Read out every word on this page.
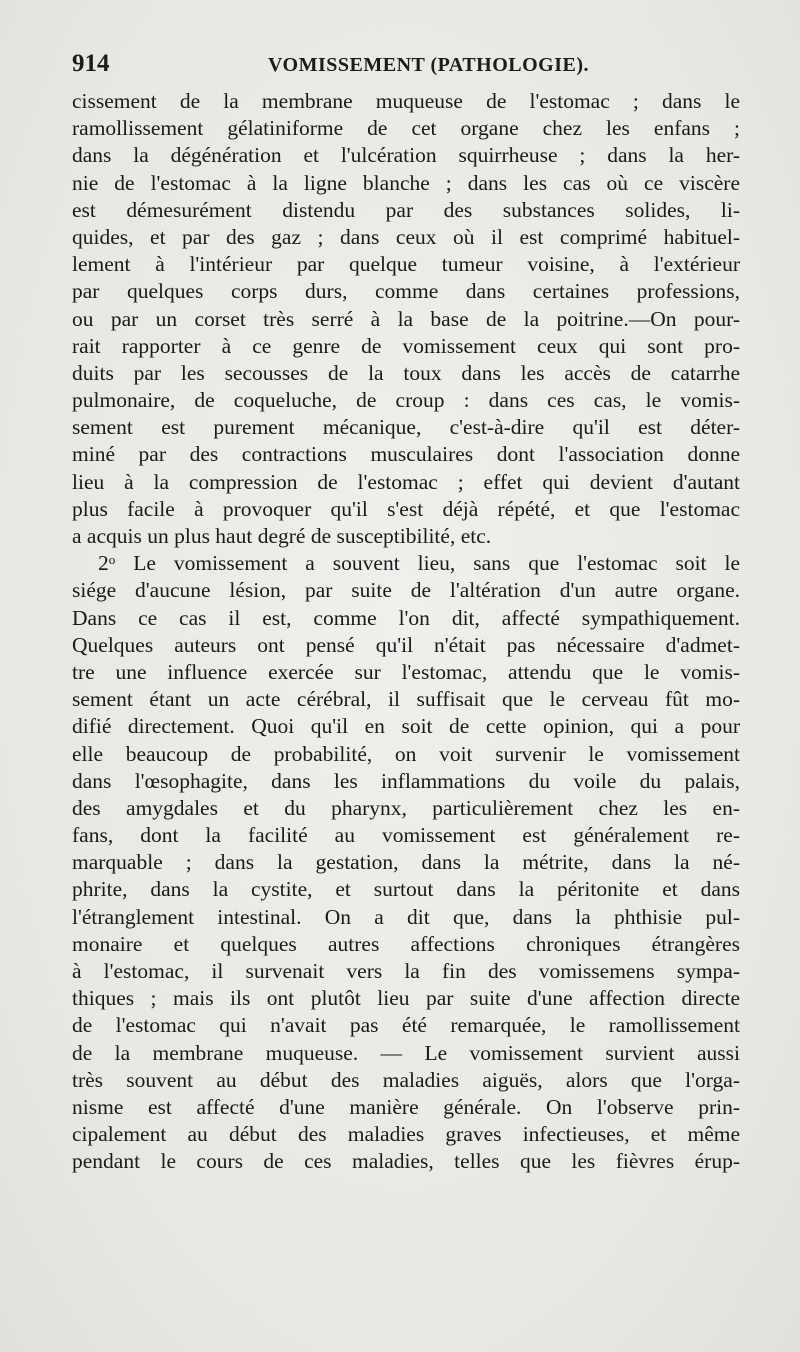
914	VOMISSEMENT (PATHOLOGIE).
cissement de la membrane muqueuse de l'estomac ; dans le
ramollissement gélatiniforme de cet organe chez les enfans ;
dans la dégénération et l'ulcération squirrheuse ; dans la her-
nie de l'estomac à la ligne blanche ; dans les cas où ce viscère
est démesurément distendu par des substances solides, li-
quides, et par des gaz ; dans ceux où il est comprimé habituel-
lement à l'intérieur par quelque tumeur voisine, à l'extérieur
par quelques corps durs, comme dans certaines professions,
ou par un corset très serré à la base de la poitrine.—On pour-
rait rapporter à ce genre de vomissement ceux qui sont pro-
duits par les secousses de la toux dans les accès de catarrhe
pulmonaire, de coqueluche, de croup : dans ces cas, le vomis-
sement est purement mécanique, c'est-à-dire qu'il est déter-
miné par des contractions musculaires dont l'association donne
lieu à la compression de l'estomac ; effet qui devient d'autant
plus facile à provoquer qu'il s'est déjà répété, et que l'estomac
a acquis un plus haut degré de susceptibilité, etc.
2$^o$ Le vomissement a souvent lieu, sans que l'estomac soit le
siége d'aucune lésion, par suite de l'altération d'un autre organe.
Dans ce cas il est, comme l'on dit, affecté sympathiquement.
Quelques auteurs ont pensé qu'il n'était pas nécessaire d'admet-
tre une influence exercée sur l'estomac, attendu que le vomis-
sement étant un acte cérébral, il suffisait que le cerveau fût mo-
difié directement. Quoi qu'il en soit de cette opinion, qui a pour
elle beaucoup de probabilité, on voit survenir le vomissement
dans l'œsophagite, dans les inflammations du voile du palais,
des amygdales et du pharynx, particulièrement chez les en-
fans, dont la facilité au vomissement est généralement re-
marquable ; dans la gestation, dans la métrite, dans la né-
phrite, dans la cystite, et surtout dans la péritonite et dans
l'étranglement intestinal. On a dit que, dans la phthisie pul-
monaire et quelques autres affections chroniques étrangères
à l'estomac, il survenait vers la fin des vomissemens sympa-
thiques ; mais ils ont plutôt lieu par suite d'une affection directe
de l'estomac qui n'avait pas été remarquée, le ramollissement
de la membrane muqueuse. — Le vomissement survient aussi
très souvent au début des maladies aiguës, alors que l'orga-
nisme est affecté d'une manière générale. On l'observe prin-
cipalement au début des maladies graves infectieuses, et même
pendant le cours de ces maladies, telles que les fièvres érup-
